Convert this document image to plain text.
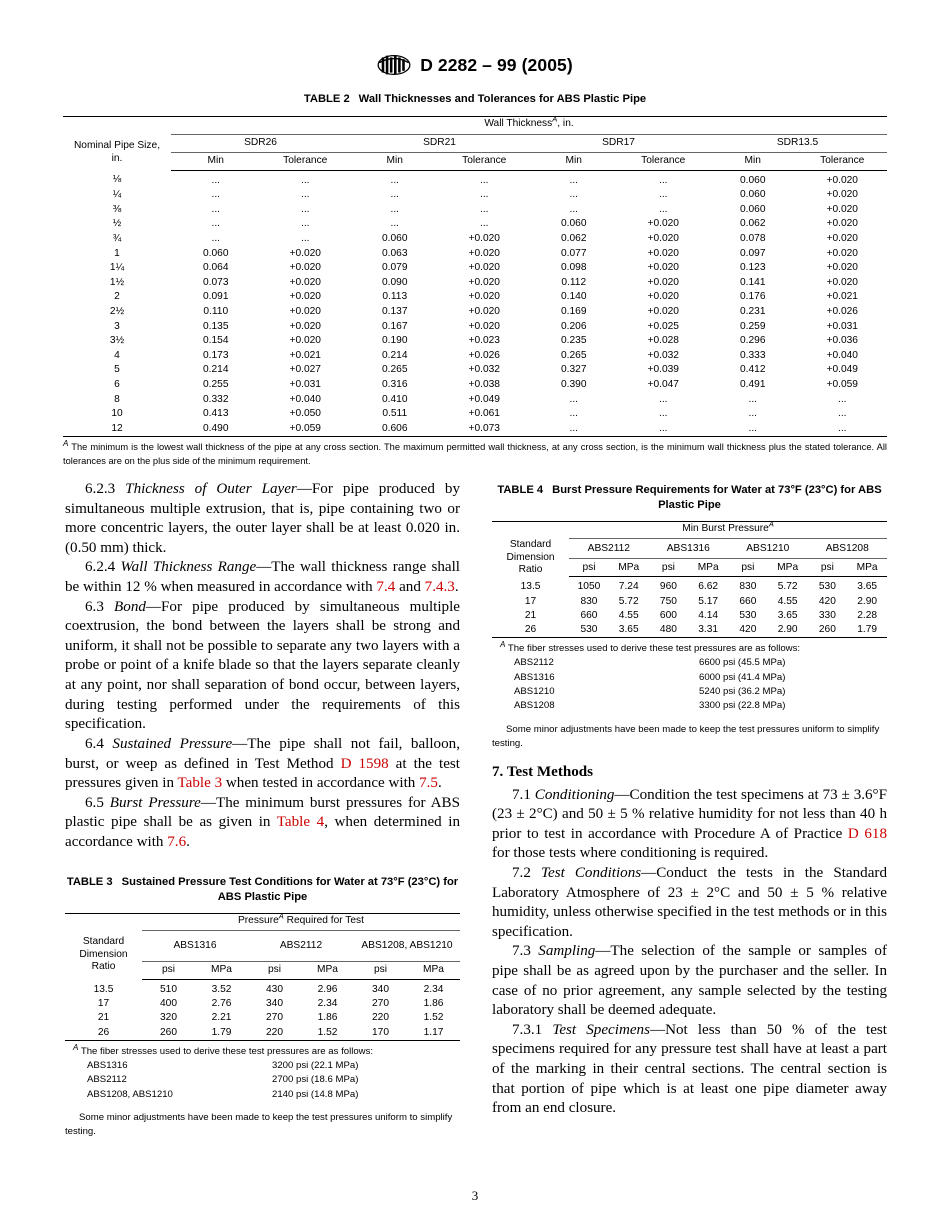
D 2282 – 99 (2005)
TABLE 2 Wall Thicknesses and Tolerances for ABS Plastic Pipe
	Wall Thickness$^A$, in.							

Nominal Pipe Size, in.	SDR26		SDR21		SDR17		SDR13.5	
	Min	Tolerance	Min	Tolerance	Min	Tolerance	Min	Tolerance
⅛	...	...	...	...	...	...	0.060	+0.020
¼	...	...	...	...	...	...	0.060	+0.020
⅜	...	...	...	...	...	...	0.060	+0.020
½	...	...	...	...	0.060	+0.020	0.062	+0.020
¾	...	...	0.060	+0.020	0.062	+0.020	0.078	+0.020
1	0.060	+0.020	0.063	+0.020	0.077	+0.020	0.097	+0.020
1¼	0.064	+0.020	0.079	+0.020	0.098	+0.020	0.123	+0.020
1½	0.073	+0.020	0.090	+0.020	0.112	+0.020	0.141	+0.020
2	0.091	+0.020	0.113	+0.020	0.140	+0.020	0.176	+0.021
2½	0.110	+0.020	0.137	+0.020	0.169	+0.020	0.231	+0.026
3	0.135	+0.020	0.167	+0.020	0.206	+0.025	0.259	+0.031
3½	0.154	+0.020	0.190	+0.023	0.235	+0.028	0.296	+0.036
4	0.173	+0.021	0.214	+0.026	0.265	+0.032	0.333	+0.040
5	0.214	+0.027	0.265	+0.032	0.327	+0.039	0.412	+0.049
6	0.255	+0.031	0.316	+0.038	0.390	+0.047	0.491	+0.059
8	0.332	+0.040	0.410	+0.049	...	...	...	...
10	0.413	+0.050	0.511	+0.061	...	...	...	...
12	0.490	+0.059	0.606	+0.073	...	...	...	...
A The minimum is the lowest wall thickness of the pipe at any cross section. The maximum permitted wall thickness, at any cross section, is the minimum wall thickness plus the stated tolerance. All tolerances are on the plus side of the minimum requirement.

6.2.3 Thickness of Outer Layer—For pipe produced by simultaneous multiple extrusion, that is, pipe containing two or more concentric layers, the outer layer shall be at least 0.020 in. (0.50 mm) thick.

6.2.4 Wall Thickness Range—The wall thickness range shall be within 12 % when measured in accordance with 7.4 and 7.4.3.

6.3 Bond—For pipe produced by simultaneous multiple coextrusion, the bond between the layers shall be strong and uniform, it shall not be possible to separate any two layers with a probe or point of a knife blade so that the layers separate cleanly at any point, nor shall separation of bond occur, between layers, during testing performed under the requirements of this specification.

6.4 Sustained Pressure—The pipe shall not fail, balloon, burst, or weep as defined in Test Method D 1598 at the test pressures given in Table 3 when tested in accordance with 7.5.

6.5 Burst Pressure—The minimum burst pressures for ABS plastic pipe shall be as given in Table 4, when determined in accordance with 7.6.

TABLE 3 Sustained Pressure Test Conditions for Water at 73°F (23°C) for ABS Plastic Pipe
	Pressure$^A$ Required for Test					

Standard Dimension Ratio	ABS1316		ABS2112		ABS1208, ABS1210	
	psi	MPa	psi	MPa	psi	MPa
13.5	510	3.52	430	2.96	340	2.34
17	400	2.76	340	2.34	270	1.86
21	320	2.21	270	1.86	220	1.52
26	260	1.79	220	1.52	170	1.17
$^A$ The fiber stresses used to derive these test pressures are as follows:
ABS1316	3200 psi (22.1 MPa)
ABS2112	2700 psi (18.6 MPa)
ABS1208, ABS1210	2140 psi (14.8 MPa)
Some minor adjustments have been made to keep the test pressures uniform to simplify testing.
TABLE 4 Burst Pressure Requirements for Water at 73°F (23°C) for ABS Plastic Pipe
	Min Burst Pressure$^A$

Standard Dimension Ratio	ABS2112		ABS1316		ABS1210		ABS1208	
	psi	MPa	psi	MPa	psi	MPa	psi	MPa
13.5	1050	7.24	960	6.62	830	5.72	530	3.65
17	830	5.72	750	5.17	660	4.55	420	2.90
21	660	4.55	600	4.14	530	3.65	330	2.28
26	530	3.65	480	3.31	420	2.90	260	1.79
$^A$ The fiber stresses used to derive these test pressures are as follows:
ABS2112	6600 psi (45.5 MPa)
ABS1316	6000 psi (41.4 MPa)
ABS1210	5240 psi (36.2 MPa)
ABS1208	3300 psi (22.8 MPa)
Some minor adjustments have been made to keep the test pressures uniform to simplify testing.
7. Test Methods

7.1 Conditioning—Condition the test specimens at 73 ± 3.6°F (23 ± 2°C) and 50 ± 5 % relative humidity for not less than 40 h prior to test in accordance with Procedure A of Practice D 618 for those tests where conditioning is required.

7.2 Test Conditions—Conduct the tests in the Standard Laboratory Atmosphere of 23 ± 2°C and 50 ± 5 % relative humidity, unless otherwise specified in the test methods or in this specification.

7.3 Sampling—The selection of the sample or samples of pipe shall be as agreed upon by the purchaser and the seller. In case of no prior agreement, any sample selected by the testing laboratory shall be deemed adequate.

7.3.1 Test Specimens—Not less than 50 % of the test specimens required for any pressure test shall have at least a part of the marking in their central sections. The central section is that portion of pipe which is at least one pipe diameter away from an end closure.

3
